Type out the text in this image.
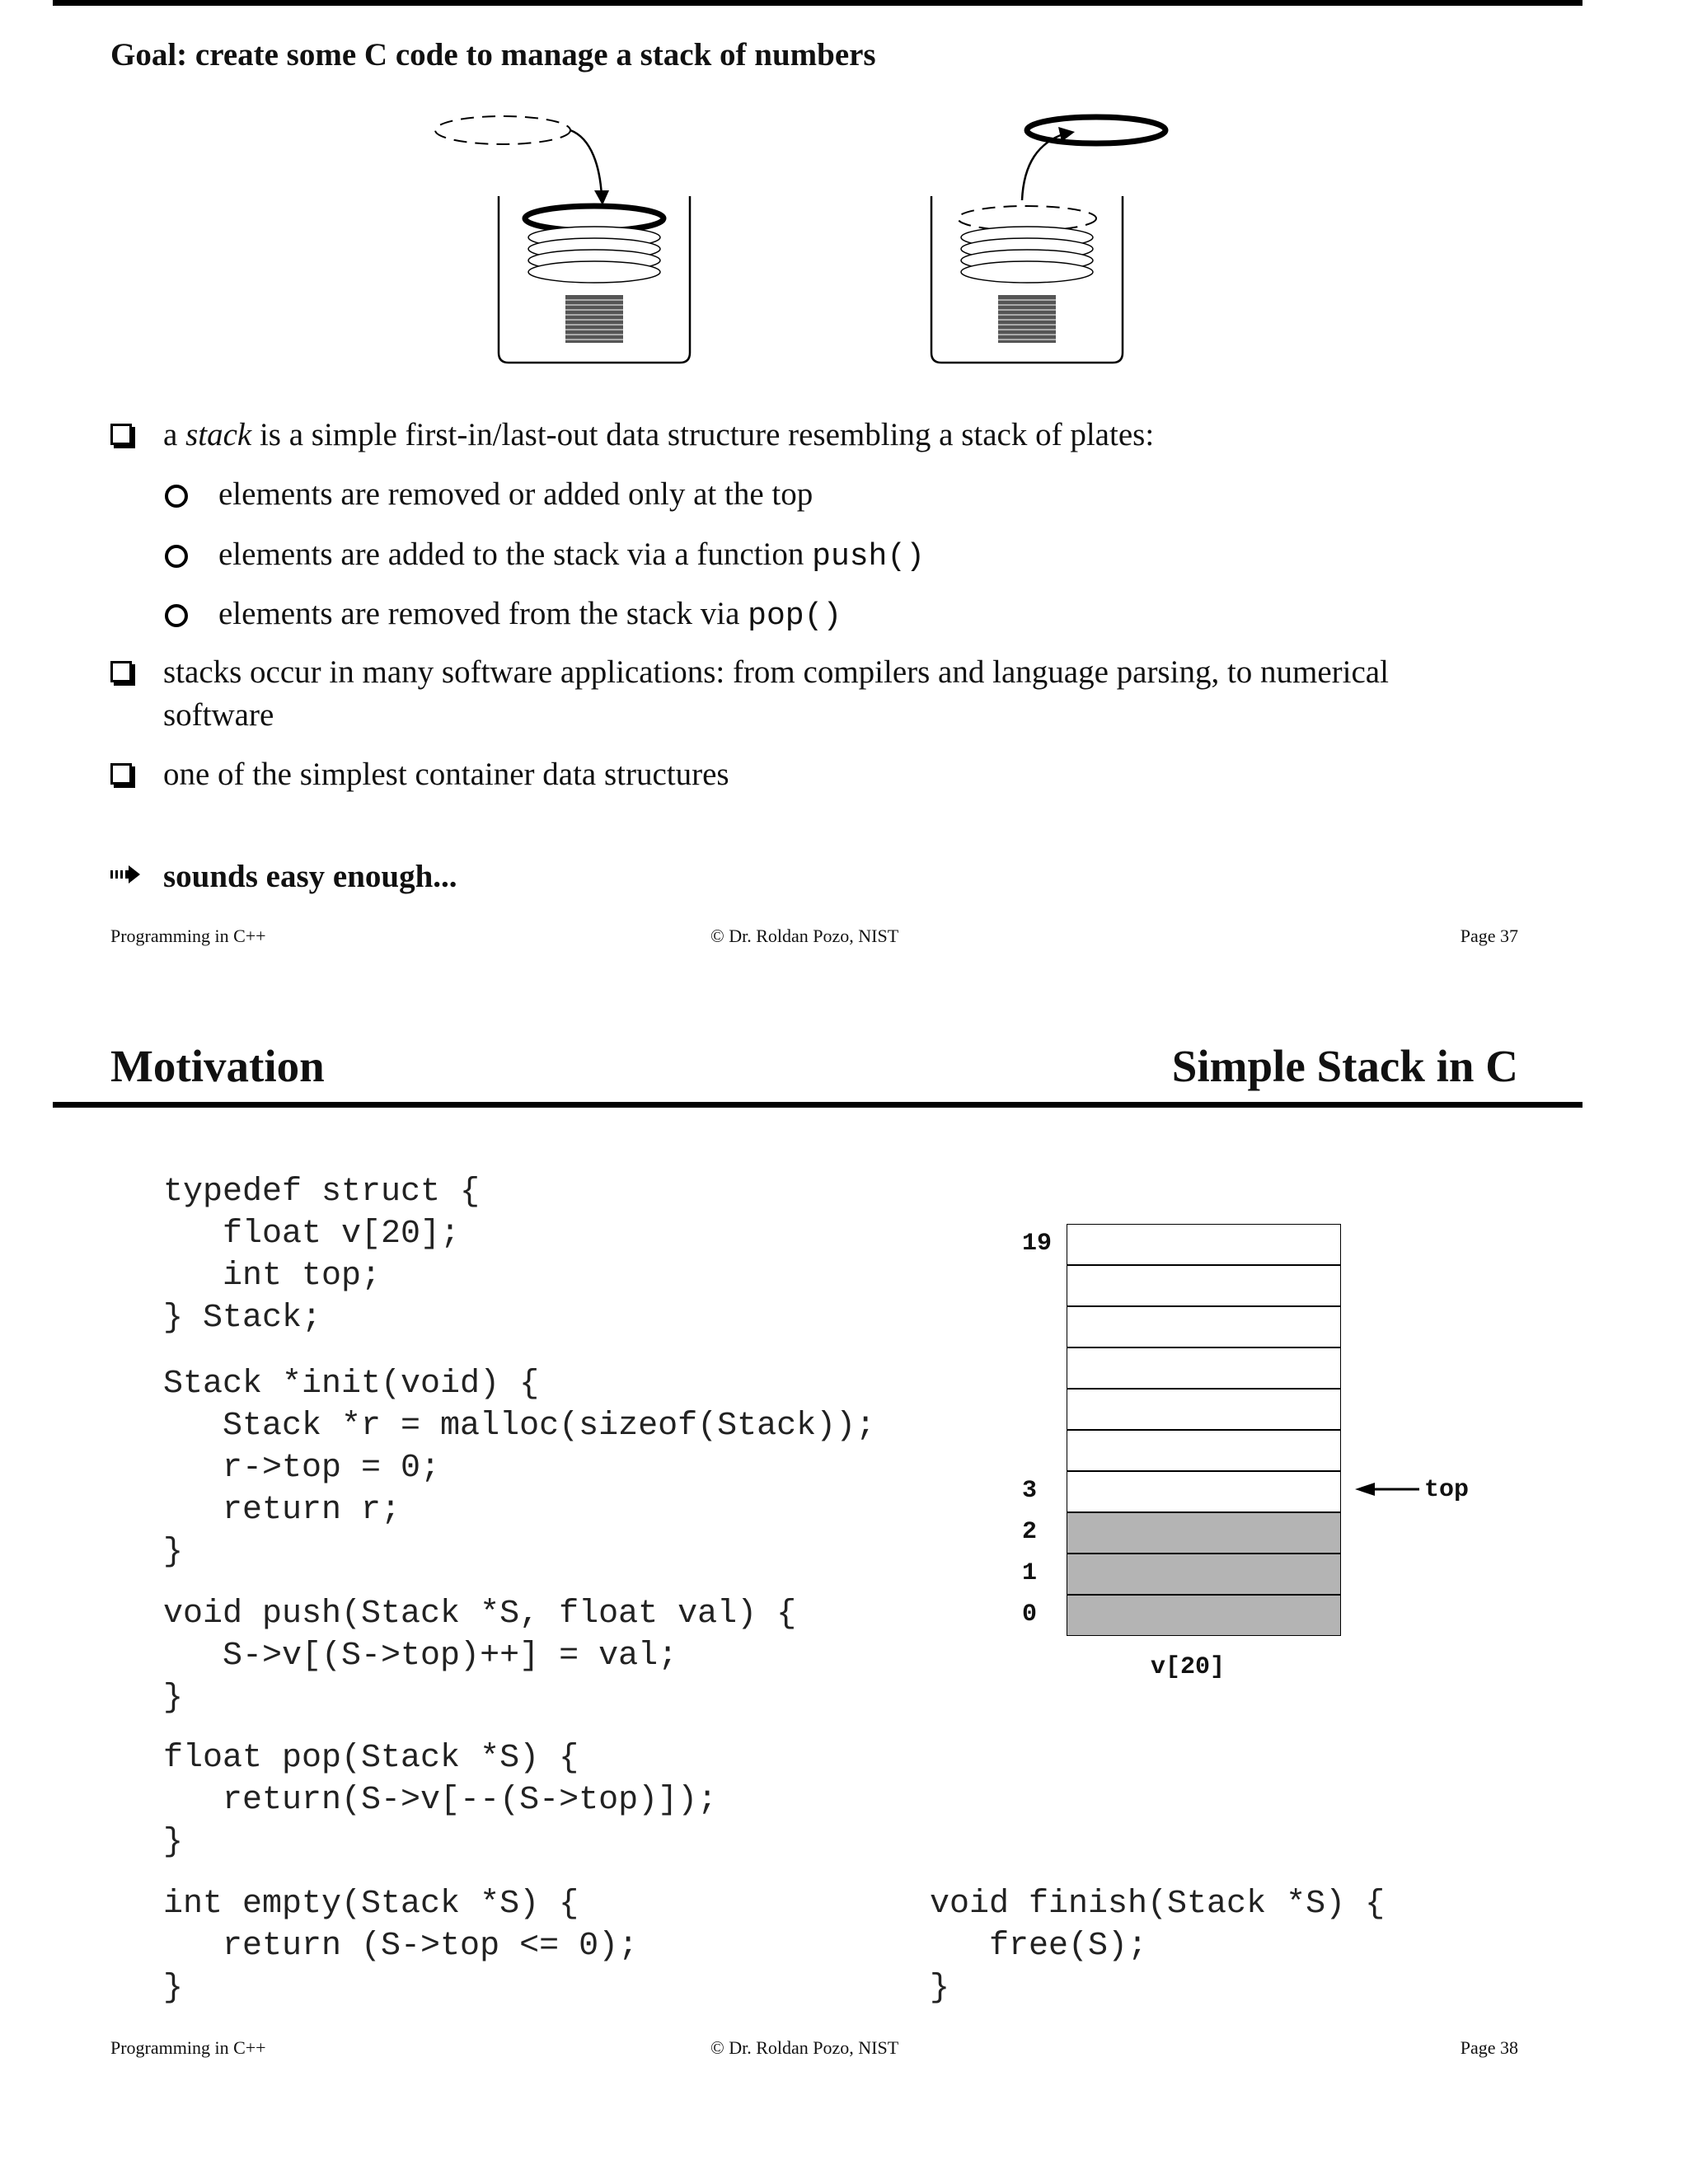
Goal: create some C code to manage a stack of numbers
a stack is a simple first-in/last-out data structure resembling a stack of plates:
elements are removed or added only at the top
elements are added to the stack via a function push()
elements are removed from the stack via pop()
stacks occur in many software applications: from compilers and language parsing, to numerical
software
one of the simplest container data structures
sounds easy enough...
Programming in C++	© Dr. Roldan Pozo, NIST	Page 37
Motivation	Simple Stack in C

typedef struct {
float v[20];
int top;
} Stack;

Stack *init(void) {
Stack *r = malloc(sizeof(Stack));
r->top = 0;
return r;
}

void push(Stack *S, float val) {
S->v[(S->top)++] = val;
}

float pop(Stack *S) {
return(S->v[--(S->top)]);
}

int empty(Stack *S) {
return (S->top <= 0);
}

void finish(Stack *S) {
free(S);
}

19
3
2
1
0
top
v[20]
Programming in C++	© Dr. Roldan Pozo, NIST	Page 38
